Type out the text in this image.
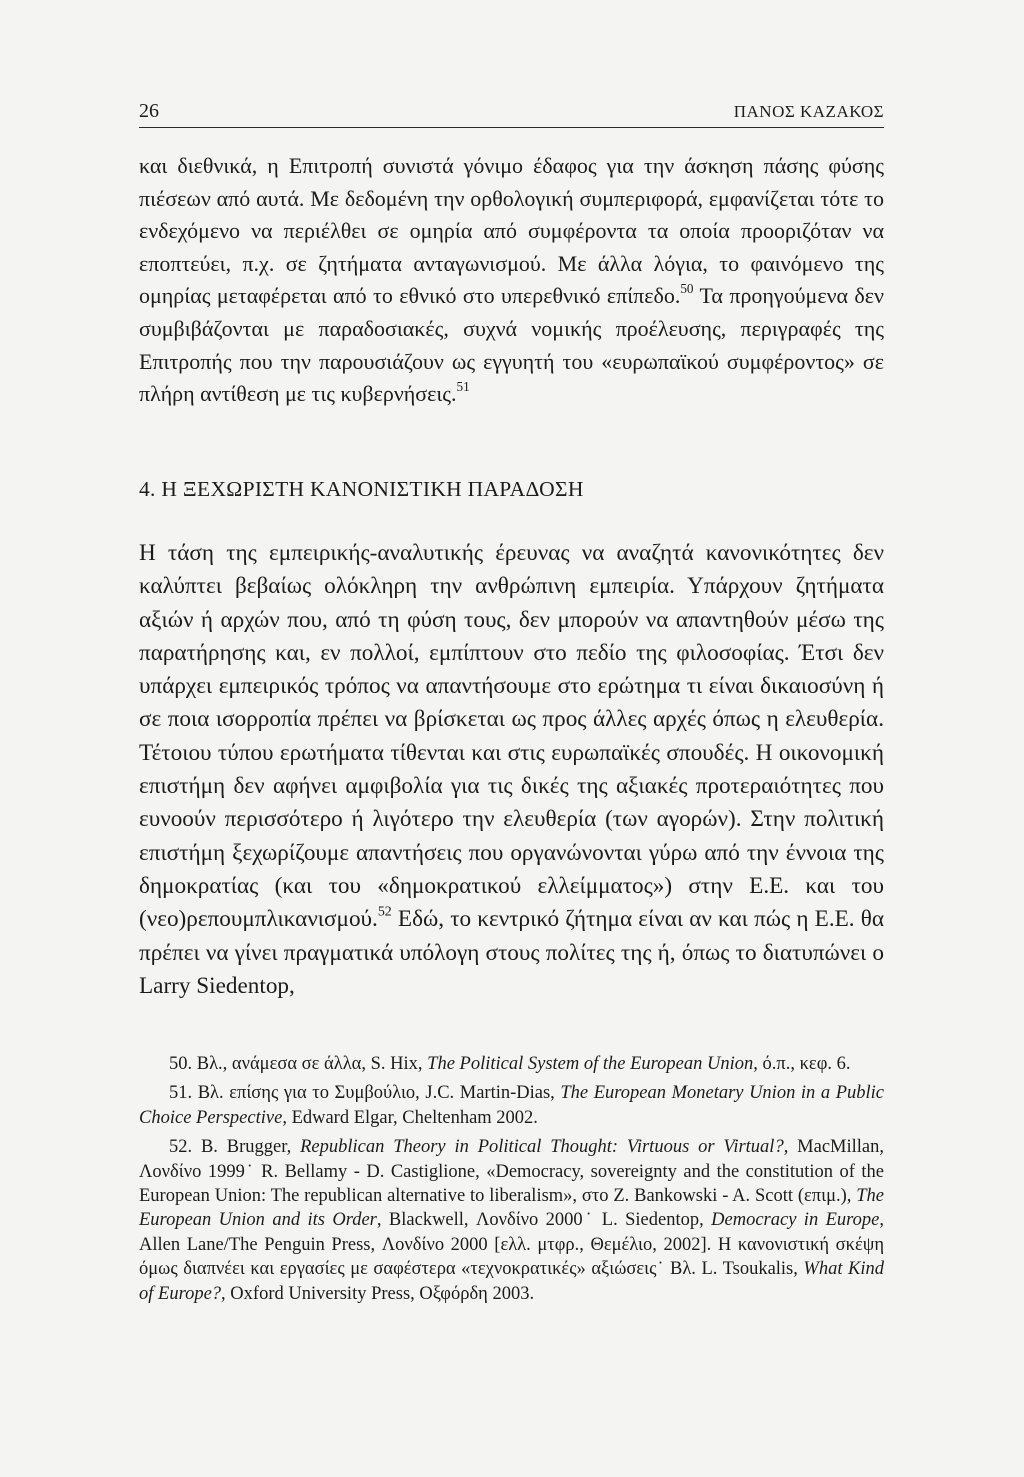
26	ΠΑΝΟΣ ΚΑΖΑΚΟΣ

και διεθνικά, η Επιτροπή συνιστά γόνιμο έδαφος για την άσκηση πάσης φύσης πιέσεων από αυτά. Με δεδομένη την ορθολογική συμπεριφορά, εμφανίζεται τότε το ενδεχόμενο να περιέλθει σε ομηρία από συμφέροντα τα οποία προοριζόταν να εποπτεύει, π.χ. σε ζητήματα ανταγωνισμού. Με άλλα λόγια, το φαινόμενο της ομηρίας μεταφέρεται από το εθνικό στο υπερεθνικό επίπεδο.$^{50}$ Τα προηγούμενα δεν συμβιβάζονται με παραδοσιακές, συχνά νομικής προέλευσης, περιγραφές της Επιτροπής που την παρουσιάζουν ως εγγυητή του «ευρωπαϊκού συμφέροντος» σε πλήρη αντίθεση με τις κυβερνήσεις.$^{51}$

4. Η ΞΕΧΩΡΙΣΤΗ ΚΑΝΟΝΙΣΤΙΚΗ ΠΑΡΑΔΟΣΗ

Η τάση της εμπειρικής-αναλυτικής έρευνας να αναζητά κανονικότητες δεν καλύπτει βεβαίως ολόκληρη την ανθρώπινη εμπειρία. Υπάρχουν ζητήματα αξιών ή αρχών που, από τη φύση τους, δεν μπορούν να απαντηθούν μέσω της παρατήρησης και, εν πολλοί, εμπίπτουν στο πεδίο της φιλοσοφίας. Έτσι δεν υπάρχει εμπειρικός τρόπος να απαντήσουμε στο ερώτημα τι είναι δικαιοσύνη ή σε ποια ισορροπία πρέπει να βρίσκεται ως προς άλλες αρχές όπως η ελευθερία. Τέτοιου τύπου ερωτήματα τίθενται και στις ευρωπαϊκές σπουδές. Η οικονομική επιστήμη δεν αφήνει αμφιβολία για τις δικές της αξιακές προτεραιότητες που ευνοούν περισσότερο ή λιγότερο την ελευθερία (των αγορών). Στην πολιτική επιστήμη ξεχωρίζουμε απαντήσεις που οργανώνονται γύρω από την έννοια της δημοκρατίας (και του «δημοκρατικού ελλείμματος») στην Ε.Ε. και του (νεο)ρεπουμπλικανισμού.$^{52}$ Εδώ, το κεντρικό ζήτημα είναι αν και πώς η Ε.Ε. θα πρέπει να γίνει πραγματικά υπόλογη στους πολίτες της ή, όπως το διατυπώνει ο Larry Siedentop,

50. Βλ., ανάμεσα σε άλλα, S. Hix, The Political System of the European Union, ό.π., κεφ. 6.

51. Βλ. επίσης για το Συμβούλιο, J.C. Martin-Dias, The European Monetary Union in a Public Choice Perspective, Edward Elgar, Cheltenham 2002.

52. B. Brugger, Republican Theory in Political Thought: Virtuous or Virtual?, MacMillan, Λονδίνο 1999˙ R. Bellamy - D. Castiglione, «Democracy, sovereignty and the constitution of the European Union: The republican alternative to liberalism», στο Z. Bankowski - A. Scott (επιμ.), The European Union and its Order, Blackwell, Λονδίνο 2000˙ L. Siedentop, Democracy in Europe, Allen Lane/The Penguin Press, Λονδίνο 2000 [ελλ. μτφρ., Θεμέλιο, 2002]. Η κανονιστική σκέψη όμως διαπνέει και εργασίες με σαφέστερα «τεχνοκρατικές» αξιώσεις˙ Βλ. L. Tsoukalis, What Kind of Europe?, Oxford University Press, Οξφόρδη 2003.
